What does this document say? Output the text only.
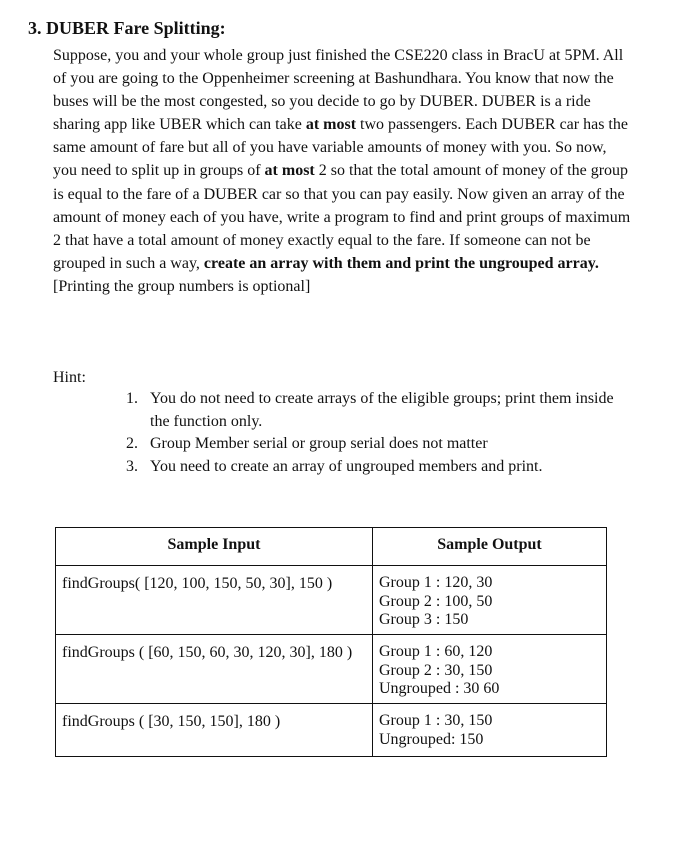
3. DUBER Fare Splitting:
Suppose, you and your whole group just finished the CSE220 class in BracU at 5PM. All of you are going to the Oppenheimer screening at Bashundhara. You know that now the buses will be the most congested, so you decide to go by DUBER. DUBER is a ride sharing app like UBER which can take at most two passengers. Each DUBER car has the same amount of fare but all of you have variable amounts of money with you. So now, you need to split up in groups of at most 2 so that the total amount of money of the group is equal to the fare of a DUBER car so that you can pay easily. Now given an array of the amount of money each of you have, write a program to find and print groups of maximum 2 that have a total amount of money exactly equal to the fare. If someone can not be grouped in such a way, create an array with them and print the ungrouped array.
[Printing the group numbers is optional]
Hint:
1. You do not need to create arrays of the eligible groups; print them inside the function only.
2. Group Member serial or group serial does not matter
3. You need to create an array of ungrouped members and print.
Sample Input	Sample Output
findGroups( [120, 100, 150, 50, 30], 150 )	Group 1 : 120, 30
Group 2 : 100, 50
Group 3 : 150

findGroups ( [60, 150, 60, 30, 120, 30], 180 )	Group 1 : 60, 120
Group 2 : 30, 150
Ungrouped : 30 60

findGroups ( [30, 150, 150], 180 )	Group 1 : 30, 150
Ungrouped: 150
